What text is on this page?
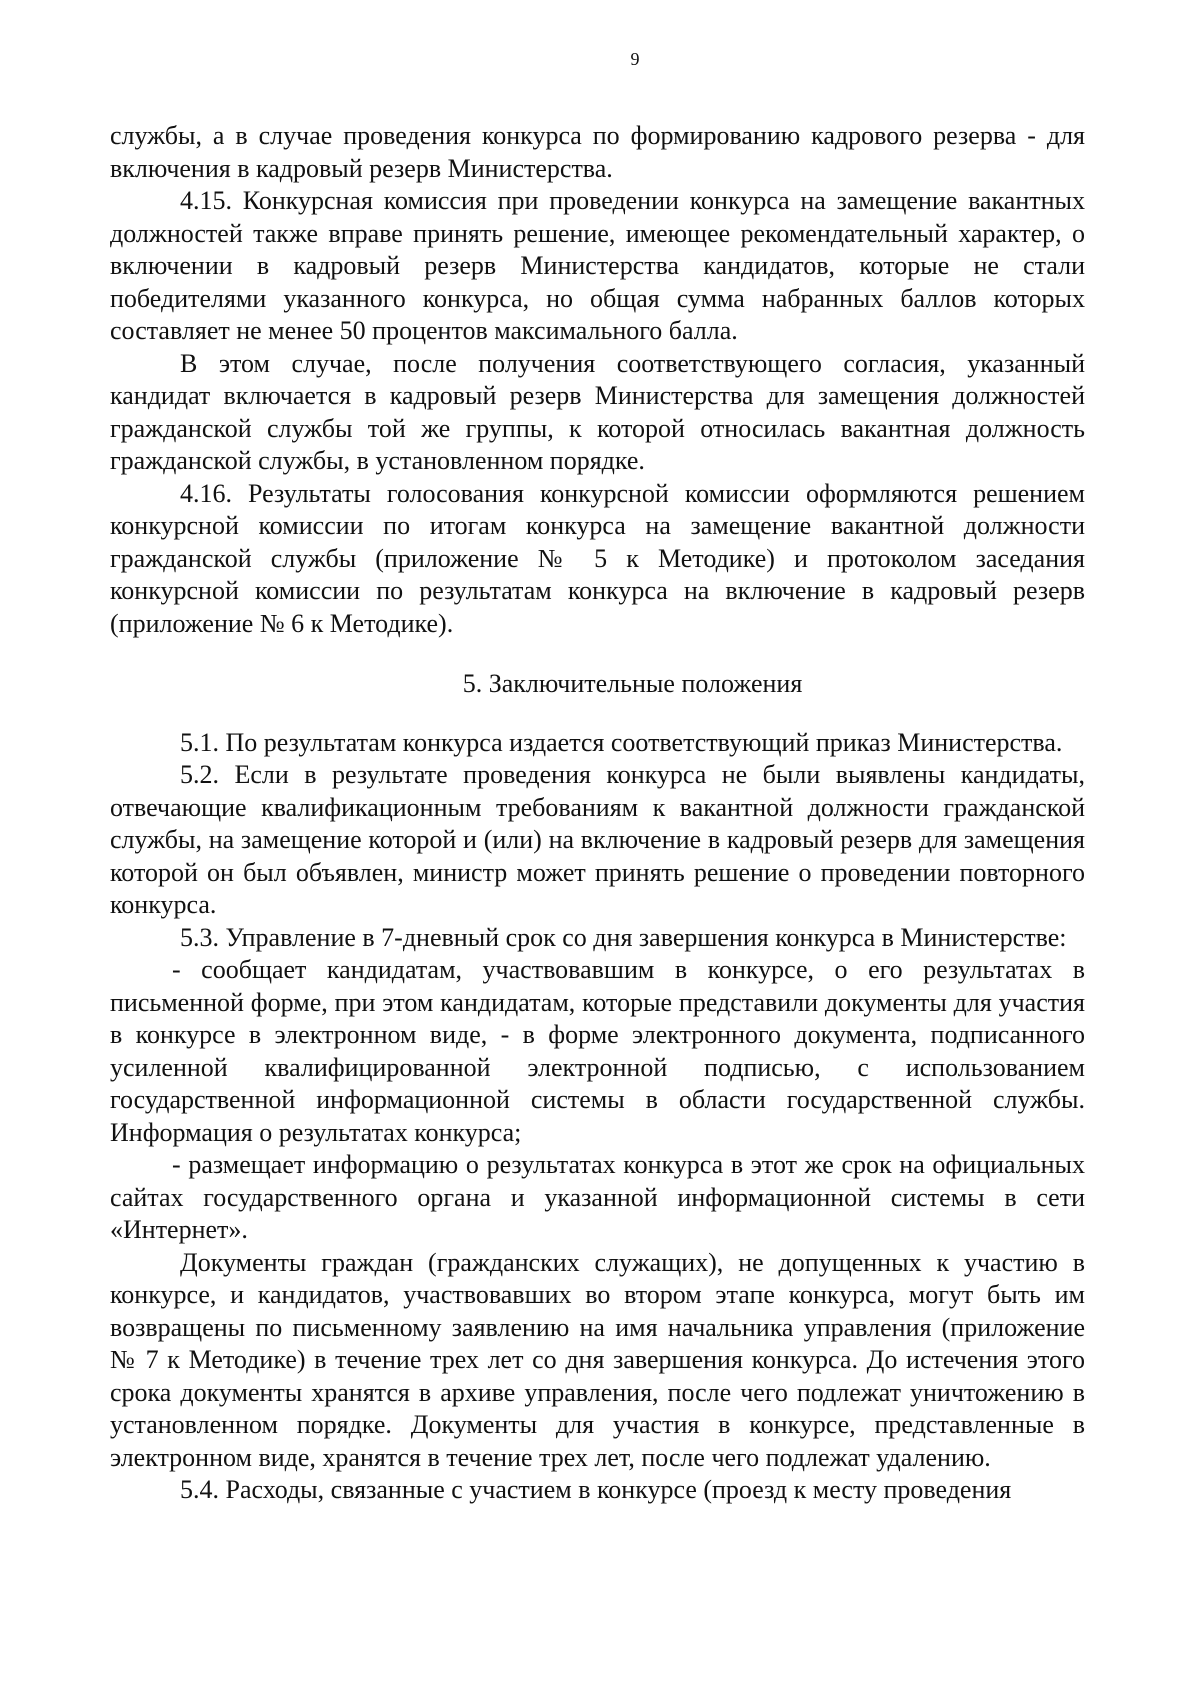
9

службы, а в случае проведения конкурса по формированию кадрового резерва - для включения в кадровый резерв Министерства.

4.15. Конкурсная комиссия при проведении конкурса на замещение вакантных должностей также вправе принять решение, имеющее рекомендательный характер, о включении в кадровый резерв Министерства кандидатов, которые не стали победителями указанного конкурса, но общая сумма набранных баллов которых составляет не менее 50 процентов максимального балла.

В этом случае, после получения соответствующего согласия, указанный кандидат включается в кадровый резерв Министерства для замещения должностей гражданской службы той же группы, к которой относилась вакантная должность гражданской службы, в установленном порядке.

4.16. Результаты голосования конкурсной комиссии оформляются решением конкурсной комиссии по итогам конкурса на замещение вакантной должности гражданской службы (приложение № 5 к Методике) и протоколом заседания конкурсной комиссии по результатам конкурса на включение в кадровый резерв (приложение № 6 к Методике).

5. Заключительные положения

5.1. По результатам конкурса издается соответствующий приказ Министерства.

5.2. Если в результате проведения конкурса не были выявлены кандидаты, отвечающие квалификационным требованиям к вакантной должности гражданской службы, на замещение которой и (или) на включение в кадровый резерв для замещения которой он был объявлен, министр может принять решение о проведении повторного конкурса.

5.3. Управление в 7-дневный срок со дня завершения конкурса в Министерстве:

- сообщает кандидатам, участвовавшим в конкурсе, о его результатах в письменной форме, при этом кандидатам, которые представили документы для участия в конкурсе в электронном виде, - в форме электронного документа, подписанного усиленной квалифицированной электронной подписью, с использованием государственной информационной системы в области государственной службы. Информация о результатах конкурса;

- размещает информацию о результатах конкурса в этот же срок на официальных сайтах государственного органа и указанной информационной системы в сети «Интернет».

Документы граждан (гражданских служащих), не допущенных к участию в конкурсе, и кандидатов, участвовавших во втором этапе конкурса, могут быть им возвращены по письменному заявлению на имя начальника управления (приложение № 7 к Методике) в течение трех лет со дня завершения конкурса. До истечения этого срока документы хранятся в архиве управления, после чего подлежат уничтожению в установленном порядке. Документы для участия в конкурсе, представленные в электронном виде, хранятся в течение трех лет, после чего подлежат удалению.

5.4. Расходы, связанные с участием в конкурсе (проезд к месту проведения
